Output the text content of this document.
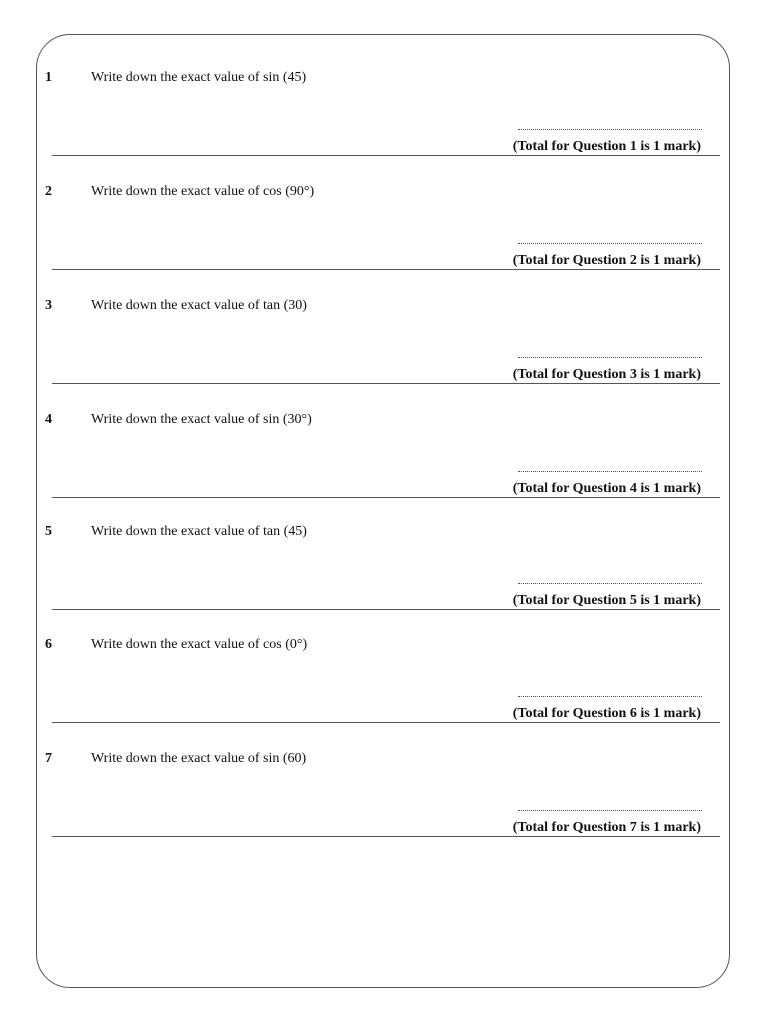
1	Write down the exact value of sin (45)
(Total for Question 1 is 1 mark)
2	Write down the exact value of cos (90°)
(Total for Question 2 is 1 mark)
3	Write down the exact value of tan (30)
(Total for Question 3 is 1 mark)
4	Write down the exact value of sin (30°)
(Total for Question 4 is 1 mark)
5	Write down the exact value of tan (45)
(Total for Question 5 is 1 mark)
6	Write down the exact value of cos (0°)
(Total for Question 6 is 1 mark)
7	Write down the exact value of sin (60)
(Total for Question 7 is 1 mark)
